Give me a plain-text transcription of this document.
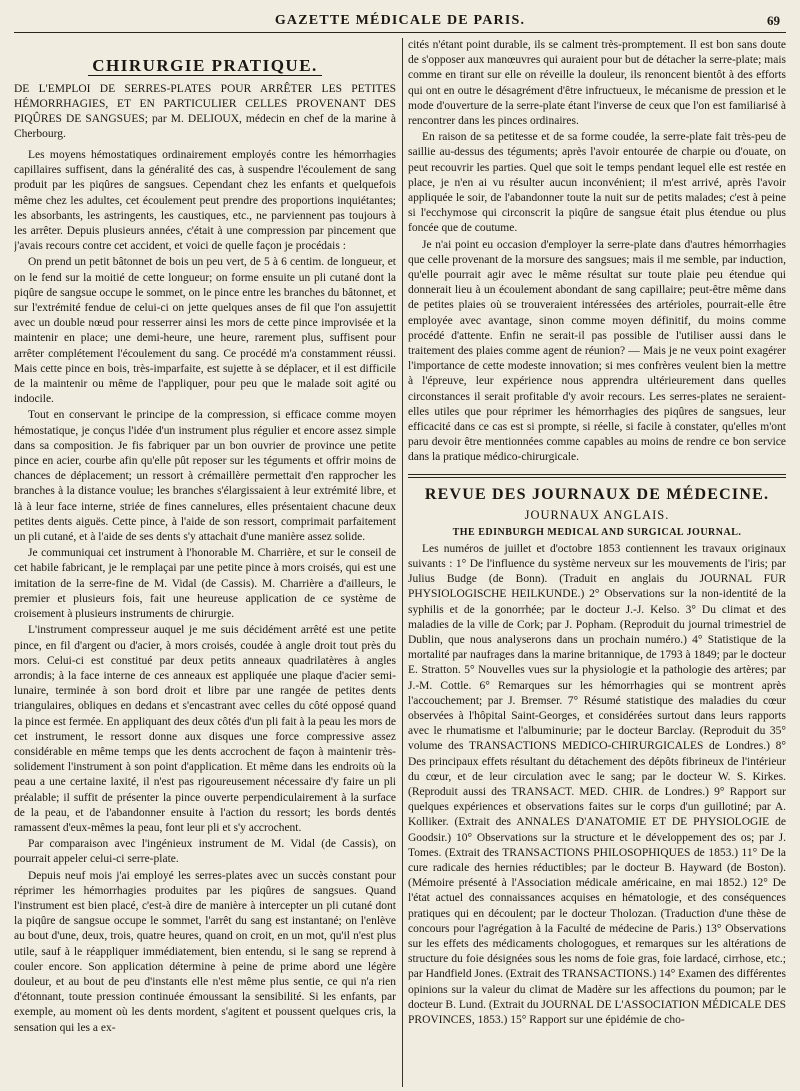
GAZETTE MÉDICALE DE PARIS.	69
CHIRURGIE PRATIQUE.

DE L'EMPLOI DE SERRES-PLATES POUR ARRÊTER LES PETITES HÉMORRHAGIES, ET EN PARTICULIER CELLES PROVENANT DES PIQÛRES DE SANGSUES; par M. DELIOUX, médecin en chef de la marine à Cherbourg.

Les moyens hémostatiques ordinairement employés contre les hémorrhagies capillaires suffisent, dans la généralité des cas, à suspendre l'écoulement de sang produit par les piqûres de sangsues. Cependant chez les enfants et quelquefois même chez les adultes, cet écoulement peut prendre des proportions inquiétantes; les absorbants, les astringents, les caustiques, etc., ne parviennent pas toujours à les arrêter. Depuis plusieurs années, c'était à une compression par pincement que j'avais recours contre cet accident, et voici de quelle façon je procédais :

On prend un petit bâtonnet de bois un peu vert, de 5 à 6 centim. de longueur, et on le fend sur la moitié de cette longueur; on forme ensuite un pli cutané dont la piqûre de sangsue occupe le sommet, on le pince entre les branches du bâtonnet, et sur l'extrémité fendue de celui-ci on jette quelques anses de fil que l'on assujettit avec un double nœud pour resserrer ainsi les mors de cette pince improvisée et la maintenir en place; une demi-heure, une heure, rarement plus, suffisent pour arrêter complétement l'écoulement du sang. Ce procédé m'a constamment réussi. Mais cette pince en bois, très-imparfaite, est sujette à se déplacer, et il est difficile de la maintenir ou même de l'appliquer, pour peu que le malade soit agité ou indocile.

Tout en conservant le principe de la compression, si efficace comme moyen hémostatique, je conçus l'idée d'un instrument plus régulier et encore assez simple dans sa composition. Je fis fabriquer par un bon ouvrier de province une petite pince en acier, courbe afin qu'elle pût reposer sur les téguments et offrir moins de chances de déplacement; un ressort à crémaillère permettait d'en rapprocher les branches à la distance voulue; les branches s'élargissaient à leur extrémité libre, et là à leur face interne, striée de fines cannelures, elles présentaient chacune deux petites dents aiguës. Cette pince, à l'aide de son ressort, comprimait parfaitement un pli cutané, et à l'aide de ses dents s'y attachait d'une manière assez solide.

Je communiquai cet instrument à l'honorable M. Charrière, et sur le conseil de cet habile fabricant, je le remplaçai par une petite pince à mors croisés, qui est une imitation de la serre-fine de M. Vidal (de Cassis). M. Charrière a d'ailleurs, le premier et plusieurs fois, fait une heureuse application de ce système de croisement à plusieurs instruments de chirurgie.

L'instrument compresseur auquel je me suis décidément arrêté est une petite pince, en fil d'argent ou d'acier, à mors croisés, coudée à angle droit tout près du mors. Celui-ci est constitué par deux petits anneaux quadrilatères à angles arrondis; à la face interne de ces anneaux est appliquée une plaque d'acier semi-lunaire, terminée à son bord droit et libre par une rangée de petites dents triangulaires, obliques en dedans et s'encastrant avec celles du côté opposé quand la pince est fermée. En appliquant des deux côtés d'un pli fait à la peau les mors de cet instrument, le ressort donne aux disques une force compressive assez considérable en même temps que les dents accrochent de façon à maintenir très-solidement l'instrument à son point d'application. Et même dans les endroits où la peau a une certaine laxité, il n'est pas rigoureusement nécessaire d'y faire un pli préalable; il suffit de présenter la pince ouverte perpendiculairement à la surface de la peau, et de l'abandonner ensuite à l'action du ressort; les bords dentés ramassent d'eux-mêmes la peau, font leur pli et s'y accrochent.

Par comparaison avec l'ingénieux instrument de M. Vidal (de Cassis), on pourrait appeler celui-ci serre-plate.

Depuis neuf mois j'ai employé les serres-plates avec un succès constant pour réprimer les hémorrhagies produites par les piqûres de sangsues. Quand l'instrument est bien placé, c'est-à dire de manière à intercepter un pli cutané dont la piqûre de sangsue occupe le sommet, l'arrêt du sang est instantané; on l'enlève au bout d'une, deux, trois, quatre heures, quand on croit, en un mot, qu'il n'est plus utile, sauf à le réappliquer immédiatement, bien entendu, si le sang se reprend à couler encore. Son application détermine à peine de prime abord une légère douleur, et au bout de peu d'instants elle n'est même plus sentie, ce qui n'a rien d'étonnant, toute pression continuée émoussant la sensibilité. Si les enfants, par exemple, au moment où les dents mordent, s'agitent et poussent quelques cris, la sensation qui les a ex-

cités n'étant point durable, ils se calment très-promptement. Il est bon sans doute de s'opposer aux manœuvres qui auraient pour but de détacher la serre-plate; mais comme en tirant sur elle on réveille la douleur, ils renoncent bientôt à des efforts qui ont en outre le désagrément d'être infructueux, le mécanisme de pression et le mode d'ouverture de la serre-plate étant l'inverse de ceux que l'on est familiarisé à rencontrer dans les pinces ordinaires.

En raison de sa petitesse et de sa forme coudée, la serre-plate fait très-peu de saillie au-dessus des téguments; après l'avoir entourée de charpie ou d'ouate, on peut recouvrir les parties. Quel que soit le temps pendant lequel elle est restée en place, je n'en ai vu résulter aucun inconvénient; il m'est arrivé, après l'avoir appliquée le soir, de l'abandonner toute la nuit sur de petits malades; c'est à peine si l'ecchymose qui circonscrit la piqûre de sangsue était plus étendue ou plus foncée que de coutume.

Je n'ai point eu occasion d'employer la serre-plate dans d'autres hémorrhagies que celle provenant de la morsure des sangsues; mais il me semble, par induction, qu'elle pourrait agir avec le même résultat sur toute plaie peu étendue qui donnerait lieu à un écoulement abondant de sang capillaire; peut-être même dans de petites plaies où se trouveraient intéressées des artérioles, pourrait-elle être employée avec avantage, sinon comme moyen définitif, du moins comme procédé d'attente. Enfin ne serait-il pas possible de l'utiliser aussi dans le traitement des plaies comme agent de réunion? — Mais je ne veux point exagérer l'importance de cette modeste innovation; si mes confrères veulent bien la mettre à l'épreuve, leur expérience nous apprendra ultérieurement dans quelles circonstances il serait profitable d'y avoir recours. Les serres-plates ne seraient-elles utiles que pour réprimer les hémorrhagies des piqûres de sangsues, leur efficacité dans ce cas est si prompte, si réelle, si facile à constater, qu'elles m'ont paru devoir être mentionnées comme capables au moins de rendre ce bon service dans la pratique médico-chirurgicale.

REVUE DES JOURNAUX DE MÉDECINE.
JOURNAUX ANGLAIS.
THE EDINBURGH MEDICAL AND SURGICAL JOURNAL.

Les numéros de juillet et d'octobre 1853 contiennent les travaux originaux suivants : 1° De l'influence du système nerveux sur les mouvements de l'iris; par Julius Budge (de Bonn). (Traduit en anglais du JOURNAL FUR PHYSIOLOGISCHE HEILKUNDE.) 2° Observations sur la non-identité de la syphilis et de la gonorrhée; par le docteur J.-J. Kelso. 3° Du climat et des maladies de la ville de Cork; par J. Popham. (Reproduit du journal trimestriel de Dublin, que nous analyserons dans un prochain numéro.) 4° Statistique de la mortalité par naufrages dans la marine britannique, de 1793 à 1849; par le docteur E. Stratton. 5° Nouvelles vues sur la physiologie et la pathologie des artères; par J.-M. Cottle. 6° Remarques sur les hémorrhagies qui se montrent après l'accouchement; par J. Bremser. 7° Résumé statistique des maladies du cœur observées à l'hôpital Saint-Georges, et considérées surtout dans leurs rapports avec le rhumatisme et l'albuminurie; par le docteur Barclay. (Reproduit du 35° volume des TRANSACTIONS MEDICO-CHIRURGICALES de Londres.) 8° Des principaux effets résultant du détachement des dépôts fibrineux de l'intérieur du cœur, et de leur circulation avec le sang; par le docteur W. S. Kirkes. (Reproduit aussi des TRANSACT. MED. CHIR. de Londres.) 9° Rapport sur quelques expériences et observations faites sur le corps d'un guillotiné; par A. Kolliker. (Extrait des ANNALES D'ANATOMIE ET DE PHYSIOLOGIE de Goodsir.) 10° Observations sur la structure et le développement des os; par J. Tomes. (Extrait des TRANSACTIONS PHILOSOPHIQUES de 1853.) 11° De la cure radicale des hernies réductibles; par le docteur B. Hayward (de Boston). (Mémoire présenté à l'Association médicale américaine, en mai 1852.) 12° De l'état actuel des connaissances acquises en hématologie, et des conséquences pratiques qui en découlent; par le docteur Tholozan. (Traduction d'une thèse de concours pour l'agrégation à la Faculté de médecine de Paris.) 13° Observations sur les effets des médicaments chologogues, et remarques sur les altérations de structure du foie désignées sous les noms de foie gras, foie lardacé, cirrhose, etc.; par Handfield Jones. (Extrait des TRANSACTIONS.) 14° Examen des différentes opinions sur la valeur du climat de Madère sur les affections du poumon; par le docteur B. Lund. (Extrait du JOURNAL DE L'ASSOCIATION MÉDICALE DES PROVINCES, 1853.) 15° Rapport sur une épidémie de cho-
